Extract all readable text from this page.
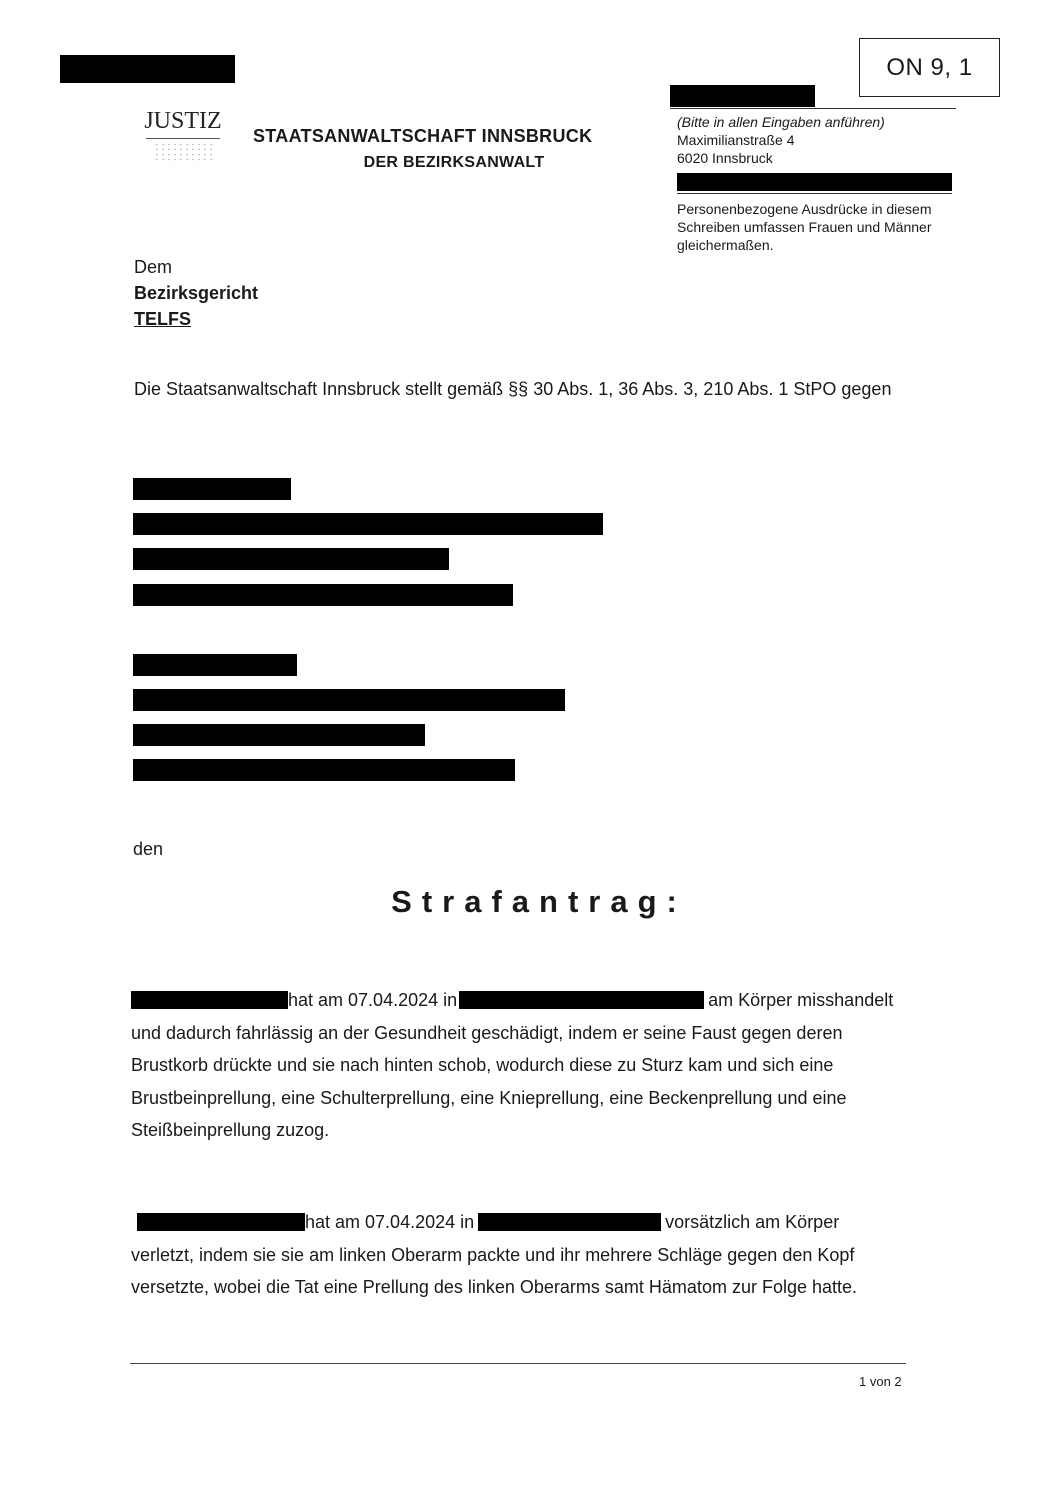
ON 9, 1
JUSTIZ
STAATSANWALTSCHAFT INNSBRUCK
DER BEZIRKSANWALT
(Bitte in allen Eingaben anführen)
Maximilianstraße 4
6020 Innsbruck
Personenbezogene Ausdrücke in diesem Schreiben umfassen Frauen und Männer gleichermaßen.
Dem
Bezirksgericht
TELFS
Die Staatsanwaltschaft Innsbruck stellt gemäß §§ 30 Abs. 1, 36 Abs. 3, 210 Abs. 1 StPO gegen
den
Strafantrag:
hat am 07.04.2024 in	am Körper misshandelt
und dadurch fahrlässig an der Gesundheit geschädigt, indem er seine Faust gegen deren
Brustkorb drückte und sie nach hinten schob, wodurch diese zu Sturz kam und sich eine
Brustbeinprellung, eine Schulterprellung, eine Knieprellung, eine Beckenprellung und eine
Steißbeinprellung zuzog.
hat am 07.04.2024 in	vorsätzlich am Körper
verletzt, indem sie sie am linken Oberarm packte und ihr mehrere Schläge gegen den Kopf
versetzte, wobei die Tat eine Prellung des linken Oberarms samt Hämatom zur Folge hatte.
1 von 2
